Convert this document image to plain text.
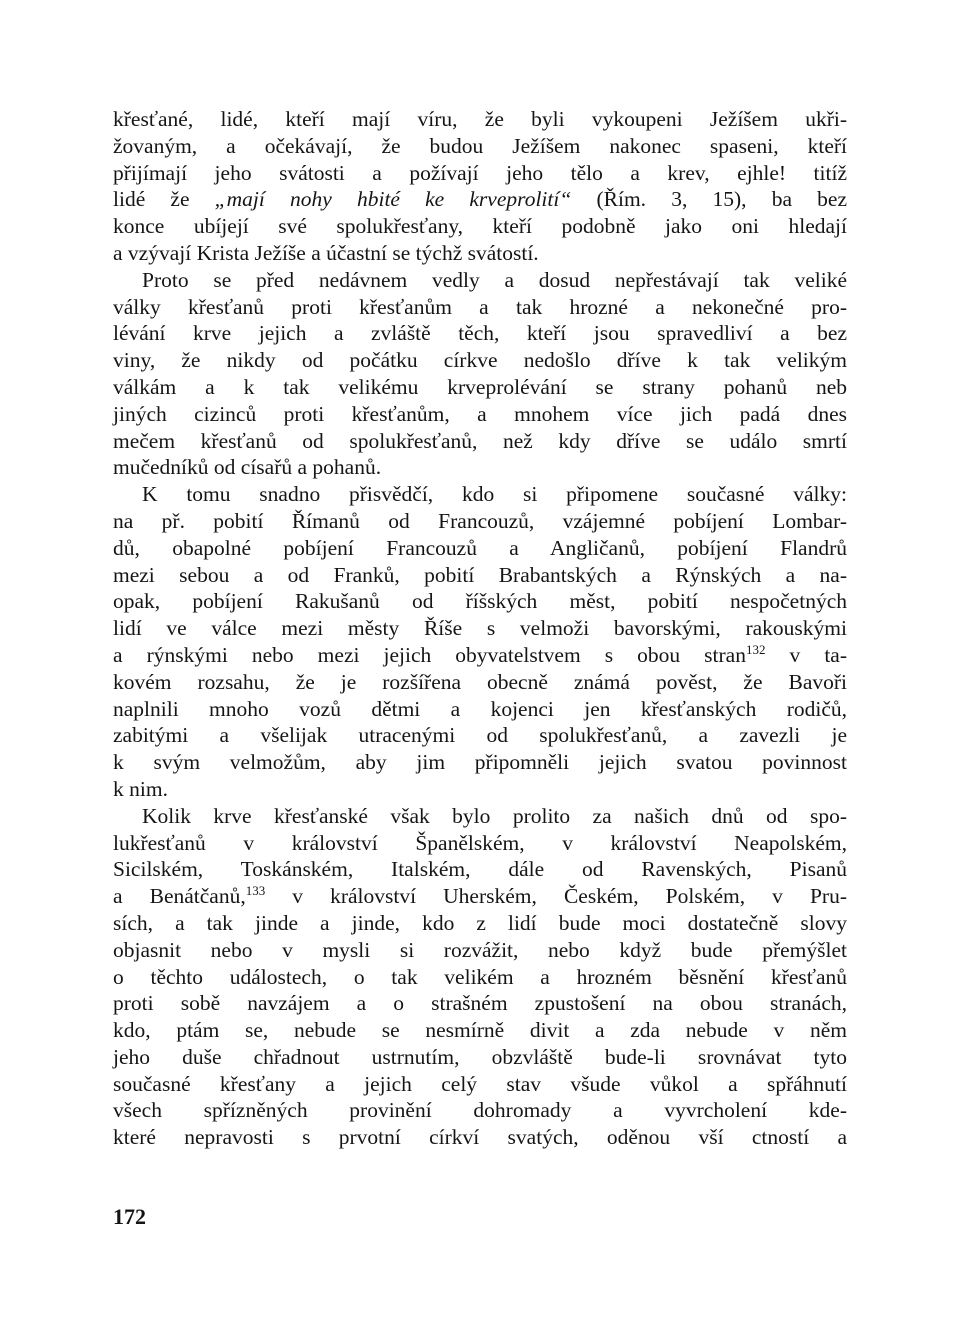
křesťané, lidé, kteří mají víru, že byli vykoupeni Ježíšem ukři-
žovaným, a očekávají, že budou Ježíšem nakonec spaseni, kteří
přijímají jeho svátosti a požívají jeho tělo a krev, ejhle! titíž
lidé že „mají nohy hbité ke krveprolití“ (Řím. 3, 15), ba bez
konce ubíjejí své spolukřesťany, kteří podobně jako oni hledají
a vzývají Krista Ježíše a účastní se týchž svátostí.
Proto se před nedávnem vedly a dosud nepřestávají tak veliké
války křesťanů proti křesťanům a tak hrozné a nekonečné pro-
lévání krve jejich a zvláště těch, kteří jsou spravedliví a bez
viny, že nikdy od počátku církve nedošlo dříve k tak velikým
válkám a k tak velikému krveprolévání se strany pohanů neb
jiných cizinců proti křesťanům, a mnohem více jich padá dnes
mečem křesťanů od spolukřesťanů, než kdy dříve se událo smrtí
mučedníků od císařů a pohanů.
K tomu snadno přisvědčí, kdo si připomene současné války:
na př. pobití Římanů od Francouzů, vzájemné pobíjení Lombar-
dů, obapolné pobíjení Francouzů a Angličanů, pobíjení Flandrů
mezi sebou a od Franků, pobití Brabantských a Rýnských a na-
opak, pobíjení Rakušanů od říšských měst, pobití nespočetných
lidí ve válce mezi městy Říše s velmoži bavorskými, rakouskými
a rýnskými nebo mezi jejich obyvatelstvem s obou stran$^{132}$ v ta-
kovém rozsahu, že je rozšířena obecně známá pověst, že Bavoři
naplnili mnoho vozů dětmi a kojenci jen křesťanských rodičů,
zabitými a všelijak utracenými od spolukřesťanů, a zavezli je
k svým velmožům, aby jim připomněli jejich svatou povinnost
k nim.
Kolik krve křesťanské však bylo prolito za našich dnů od spo-
lukřesťanů v království Španělském, v království Neapolském,
Sicilském, Toskánském, Italském, dále od Ravenských, Pisanů
a Benátčanů,$^{133}$ v království Uherském, Českém, Polském, v Pru-
sích, a tak jinde a jinde, kdo z lidí bude moci dostatečně slovy
objasnit nebo v mysli si rozvážit, nebo když bude přemýšlet
o těchto událostech, o tak velikém a hrozném běsnění křesťanů
proti sobě navzájem a o strašném zpustošení na obou stranách,
kdo, ptám se, nebude se nesmírně divit a zda nebude v něm
jeho duše chřadnout ustrnutím, obzvláště bude-li srovnávat tyto
současné křesťany a jejich celý stav všude vůkol a spřáhnutí
všech spřízněných provinění dohromady a vyvrcholení kde-
které nepravosti s prvotní církví svatých, oděnou vší ctností a
172
